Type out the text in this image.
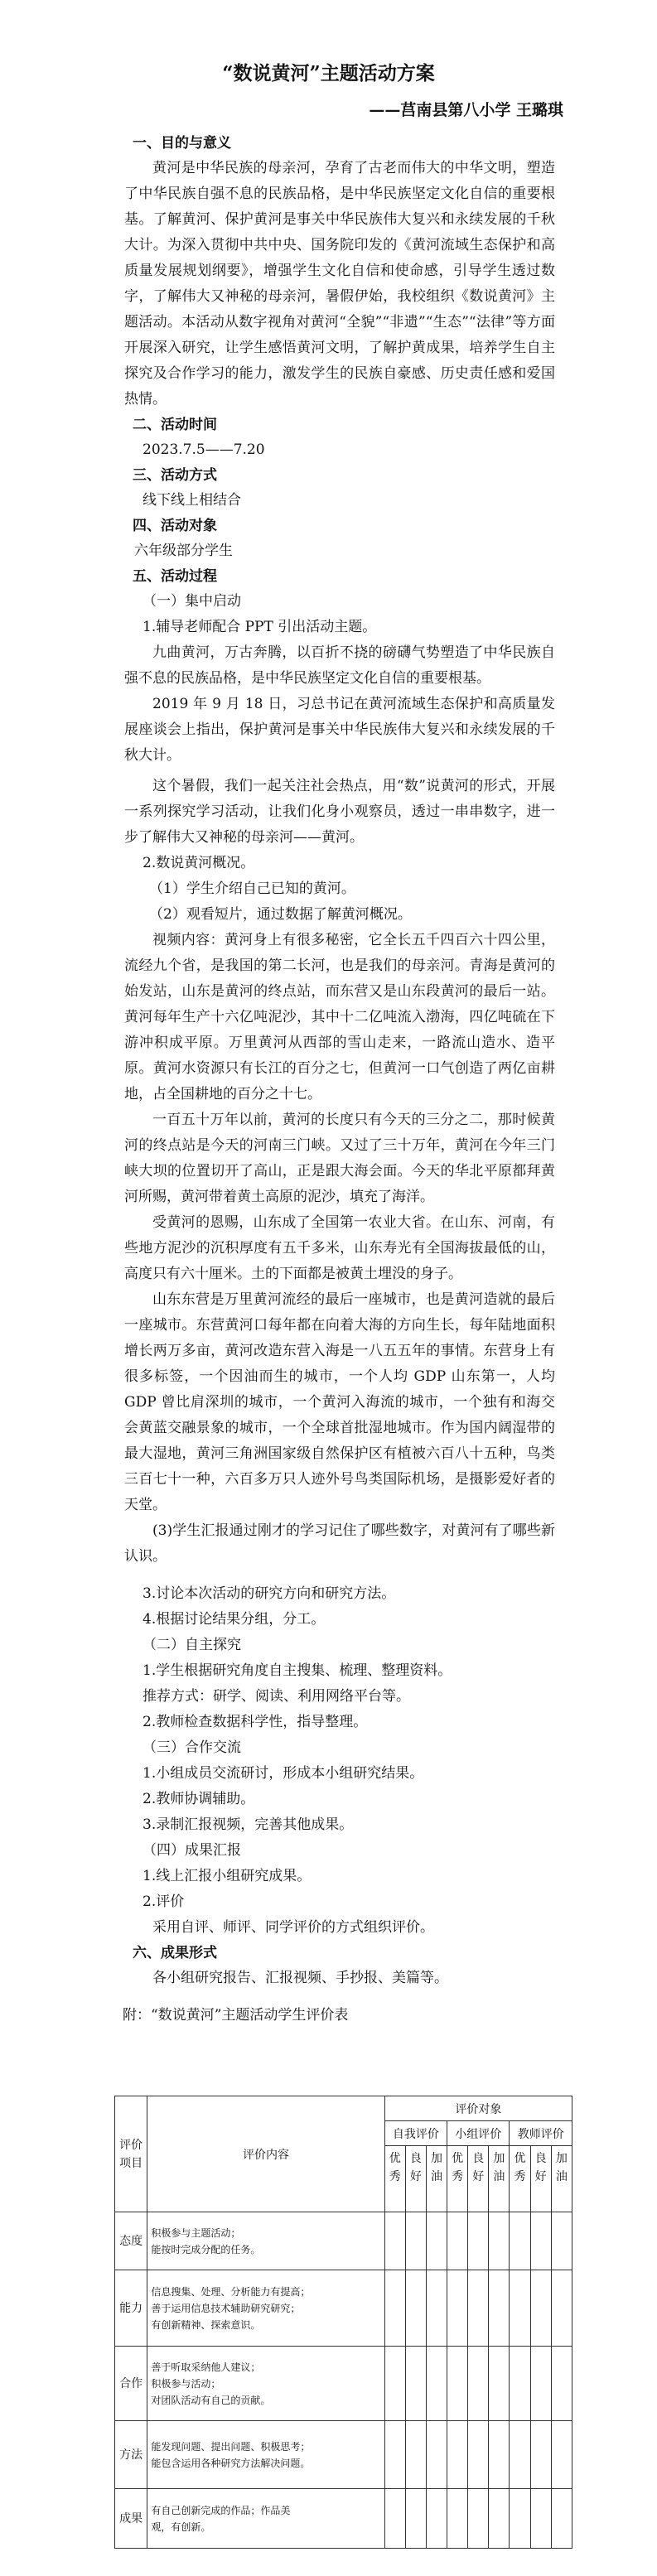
“数说黄河”主题活动方案
——莒南县第八小学 王璐琪
一、目的与意义
黄河是中华民族的母亲河，孕育了古老而伟大的中华文明，塑造了中华民族自强不息的民族品格，是中华民族坚定文化自信的重要根基。了解黄河、保护黄河是事关中华民族伟大复兴和永续发展的千秋大计。为深入贯彻中共中央、国务院印发的《黄河流域生态保护和高质量发展规划纲要》，增强学生文化自信和使命感，引导学生透过数字，了解伟大又神秘的母亲河，暑假伊始，我校组织《数说黄河》主题活动。本活动从数字视角对黄河“全貌”“非遗”“生态”“法律”等方面开展深入研究，让学生感悟黄河文明，了解护黄成果，培养学生自主探究及合作学习的能力，激发学生的民族自豪感、历史责任感和爱国热情。
二、活动时间
2023.7.5——7.20
三、活动方式
线下线上相结合
四、活动对象
六年级部分学生
五、活动过程
（一）集中启动
1.辅导老师配合 PPT 引出活动主题。
九曲黄河，万古奔腾，以百折不挠的磅礴气势塑造了中华民族自强不息的民族品格，是中华民族坚定文化自信的重要根基。
2019 年 9 月 18 日，习总书记在黄河流域生态保护和高质量发展座谈会上指出，保护黄河是事关中华民族伟大复兴和永续发展的千秋大计。
这个暑假，我们一起关注社会热点，用“数”说黄河的形式，开展一系列探究学习活动，让我们化身小观察员，透过一串串数字，进一步了解伟大又神秘的母亲河——黄河。
2.数说黄河概况。
（1）学生介绍自己已知的黄河。
（2）观看短片，通过数据了解黄河概况。
视频内容：黄河身上有很多秘密，它全长五千四百六十四公里，流经九个省，是我国的第二长河，也是我们的母亲河。青海是黄河的始发站，山东是黄河的终点站，而东营又是山东段黄河的最后一站。黄河每年生产十六亿吨泥沙，其中十二亿吨流入渤海，四亿吨硫在下游冲积成平原。万里黄河从西部的雪山走来，一路流山造水、造平原。黄河水资源只有长江的百分之七，但黄河一口气创造了两亿亩耕地，占全国耕地的百分之十七。
一百五十万年以前，黄河的长度只有今天的三分之二，那时候黄河的终点站是今天的河南三门峡。又过了三十万年，黄河在今年三门峡大坝的位置切开了高山，正是跟大海会面。今天的华北平原都拜黄河所赐，黄河带着黄土高原的泥沙，填充了海洋。
受黄河的恩赐，山东成了全国第一农业大省。在山东、河南，有些地方泥沙的沉积厚度有五千多米，山东寿光有全国海拔最低的山，高度只有六十厘米。土的下面都是被黄土埋没的身子。
山东东营是万里黄河流经的最后一座城市，也是黄河造就的最后一座城市。东营黄河口每年都在向着大海的方向生长，每年陆地面积增长两万多亩，黄河改造东营入海是一八五五年的事情。东营身上有很多标签，一个因油而生的城市，一个人均 GDP 山东第一，人均 GDP 曾比肩深圳的城市，一个黄河入海流的城市，一个独有和海交会黄蓝交融景象的城市，一个全球首批湿地城市。作为国内阔湿带的最大湿地，黄河三角洲国家级自然保护区有植被六百八十五种，鸟类三百七十一种，六百多万只人迹外号鸟类国际机场，是摄影爱好者的天堂。
(3)学生汇报通过刚才的学习记住了哪些数字，对黄河有了哪些新认识。
3.讨论本次活动的研究方向和研究方法。
4.根据讨论结果分组，分工。
（二）自主探究
1.学生根据研究角度自主搜集、梳理、整理资料。
推荐方式：研学、阅读、利用网络平台等。
2.教师检查数据科学性，指导整理。
（三）合作交流
1.小组成员交流研讨，形成本小组研究结果。
2.教师协调辅助。
3.录制汇报视频，完善其他成果。
（四）成果汇报
1.线上汇报小组研究成果。
2.评价
采用自评、师评、同学评价的方式组织评价。
六、成果形式
各小组研究报告、汇报视频、手抄报、美篇等。
附：“数说黄河”主题活动学生评价表
评价项目	评价内容	评价对象								
		自我评价			小组评价			教师评价		
		优秀	良好	加油	优秀	良好	加油	优秀	良好	加油
态度	积极参与主题活动；
能按时完成分配的任务。									

能力	信息搜集、处理、分析能力有提高；
善于运用信息技术辅助研究研究；
有创新精神、探索意识。									

合作	善于听取采纳他人建议；
积极参与活动；
对团队活动有自己的贡献。									

方法	能发现问题、提出问题、积极思考；
能包含运用各种研究方法解决问题。									

成果	有自己创新完成的作品；作品美
观，有创新。									
